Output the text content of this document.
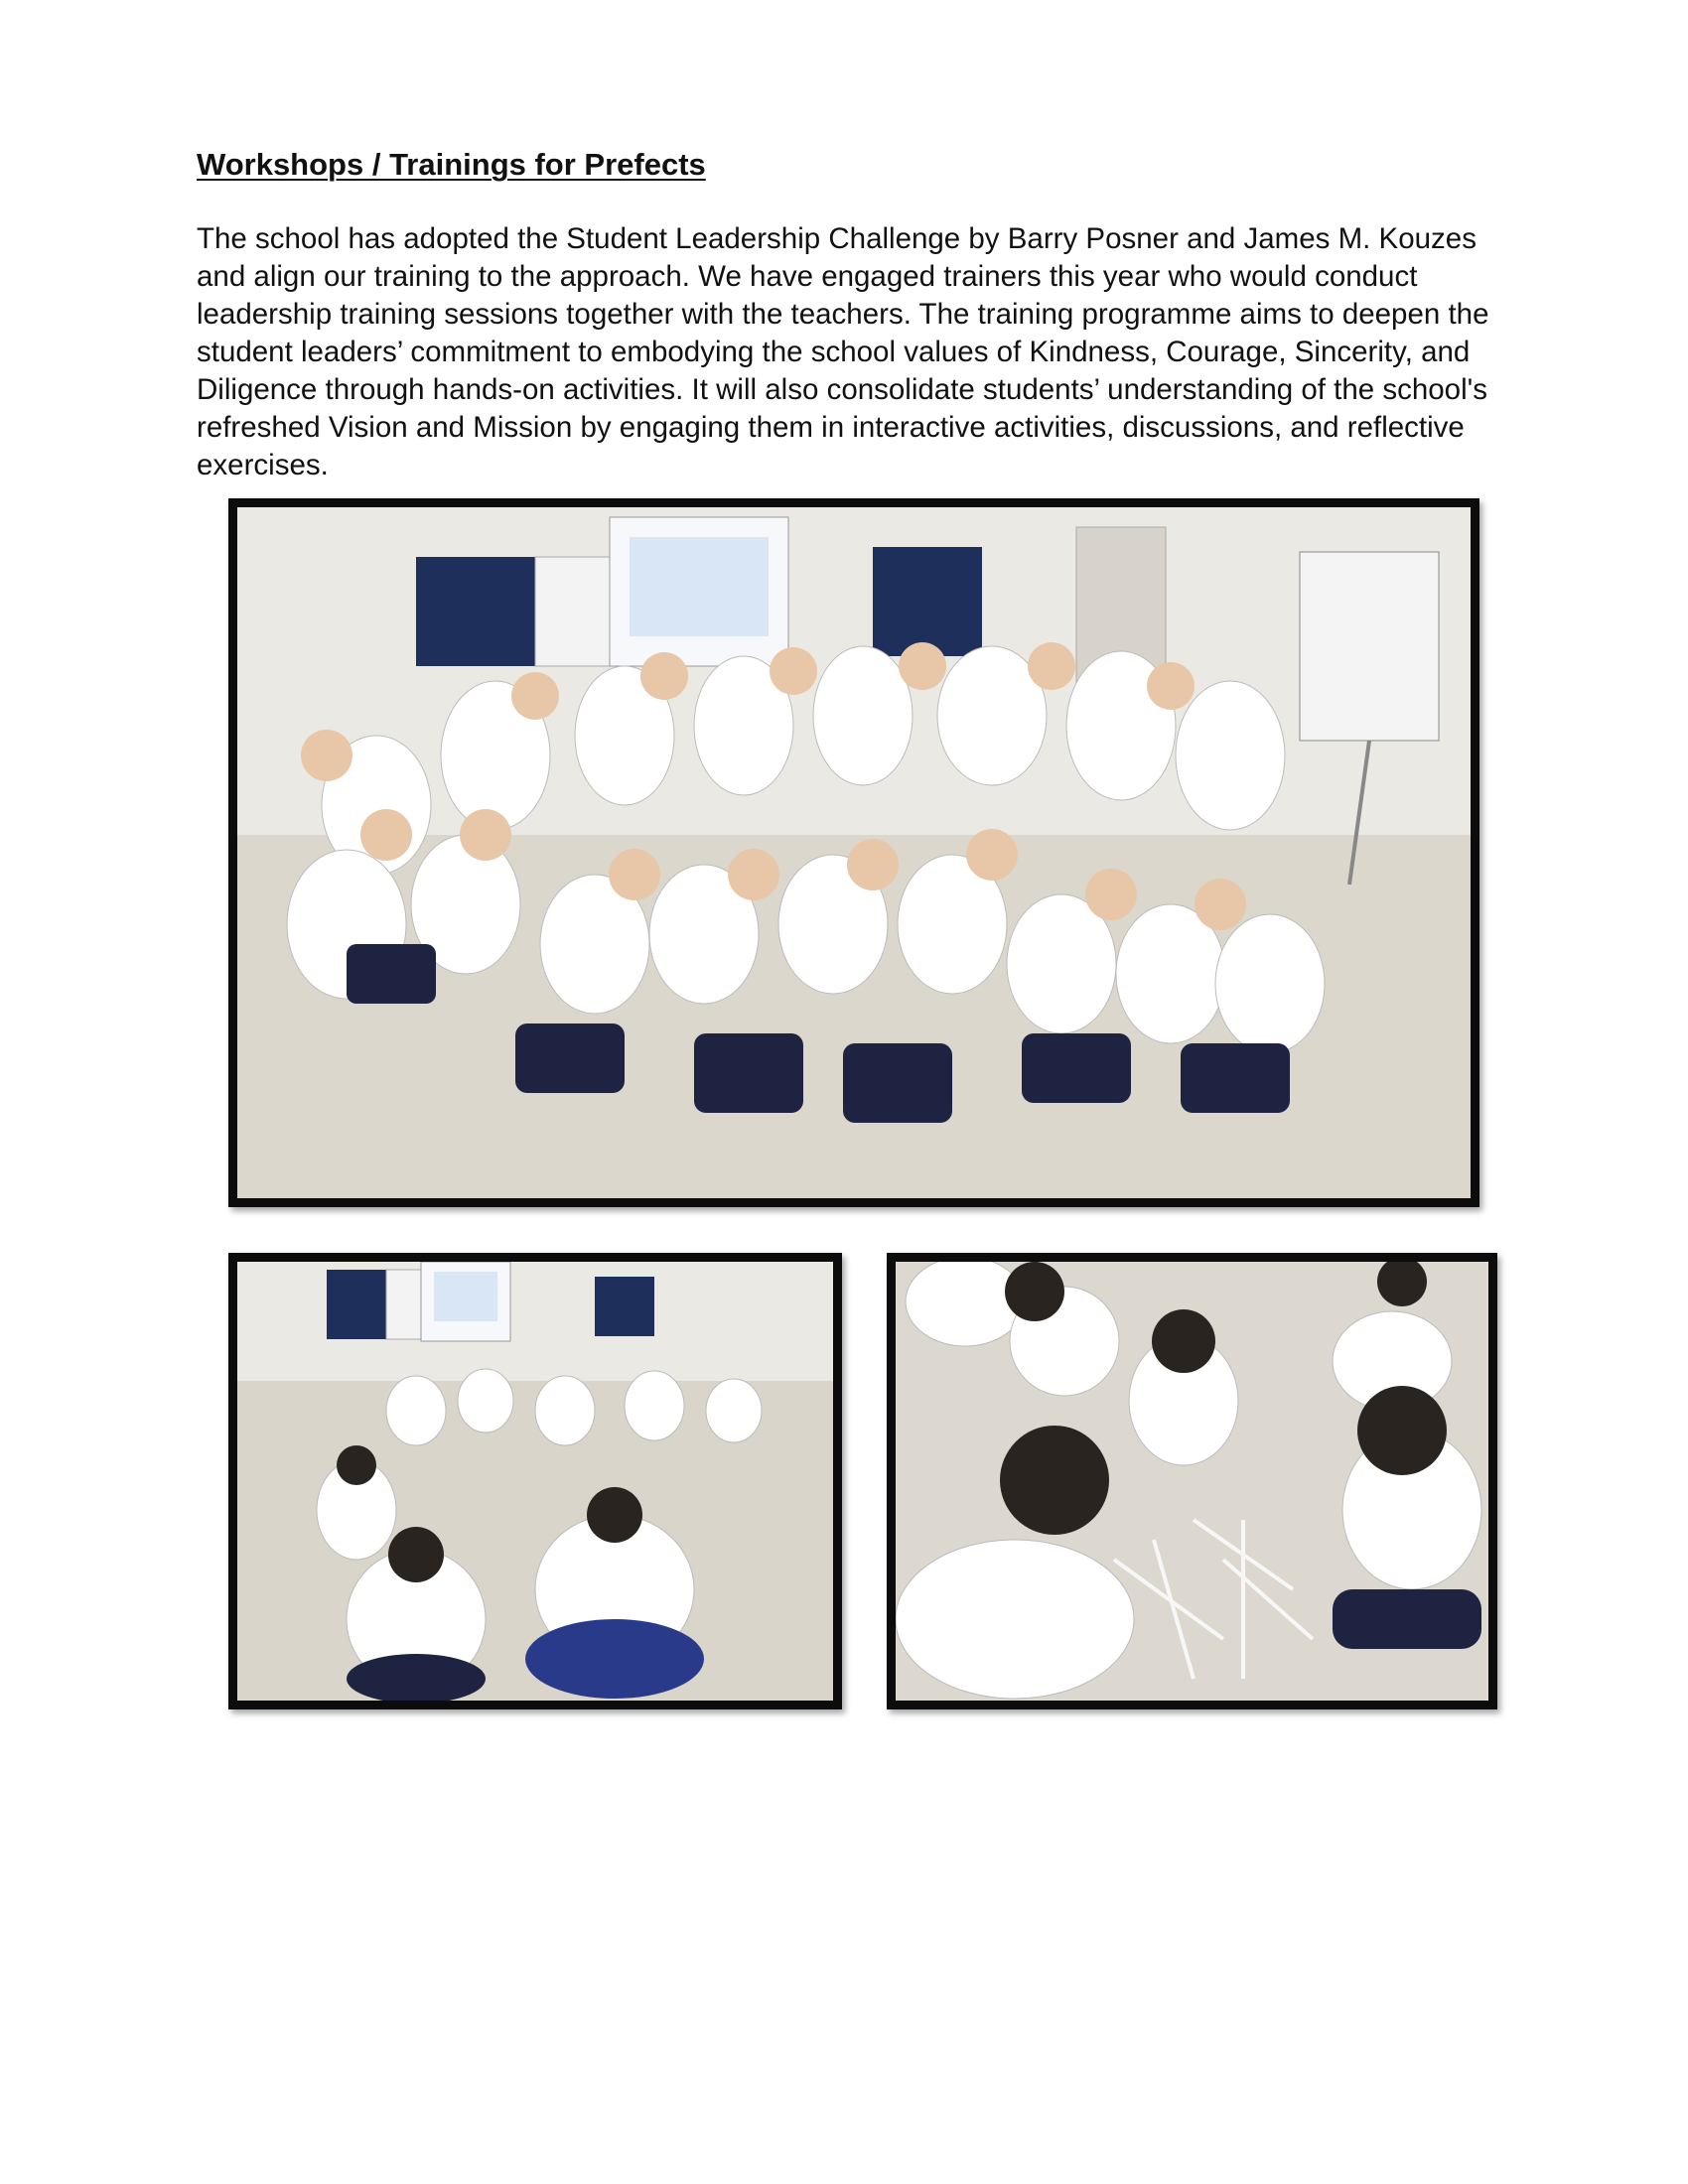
Workshops / Trainings for Prefects
The school has adopted the Student Leadership Challenge by Barry Posner and James M. Kouzes
and align our training to the approach. We have engaged trainers this year who would conduct
leadership training sessions together with the teachers. The training programme aims to deepen the
student leaders’ commitment to embodying the school values of Kindness, Courage, Sincerity, and
Diligence through hands-on activities. It will also consolidate students’ understanding of the school's
refreshed Vision and Mission by engaging them in interactive activities, discussions, and reflective
exercises.
